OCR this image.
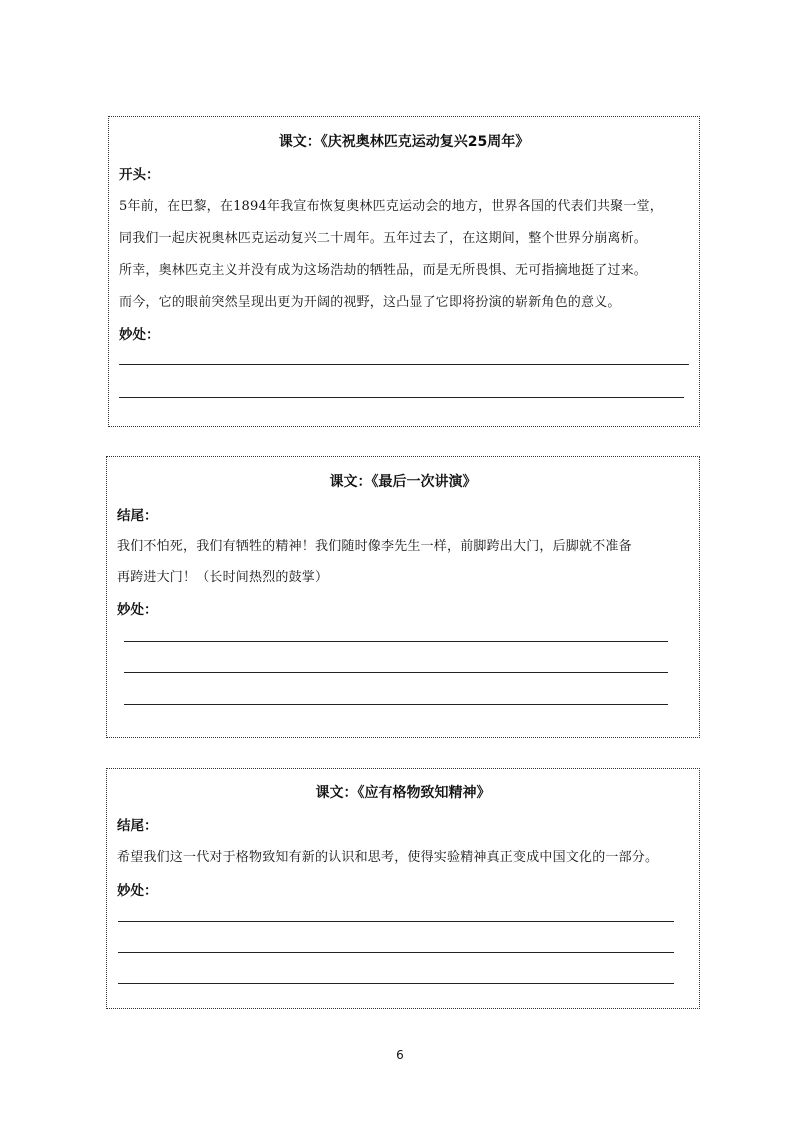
课文：《庆祝奥林匹克运动复兴25周年》
开头：
5年前，在巴黎，在1894年我宣布恢复奥林匹克运动会的地方，世界各国的代表们共聚一堂，
同我们一起庆祝奥林匹克运动复兴二十周年。五年过去了，在这期间，整个世界分崩离析。
所幸，奥林匹克主义并没有成为这场浩劫的牺牲品，而是无所畏惧、无可指摘地挺了过来。
而今，它的眼前突然呈现出更为开阔的视野，这凸显了它即将扮演的崭新角色的意义。
妙处：
课文：《最后一次讲演》
结尾：
我们不怕死，我们有牺牲的精神！我们随时像李先生一样，前脚跨出大门，后脚就不准备
再跨进大门！（长时间热烈的鼓掌）
妙处：
课文：《应有格物致知精神》
结尾：
希望我们这一代对于格物致知有新的认识和思考，使得实验精神真正变成中国文化的一部分。
妙处：
6
